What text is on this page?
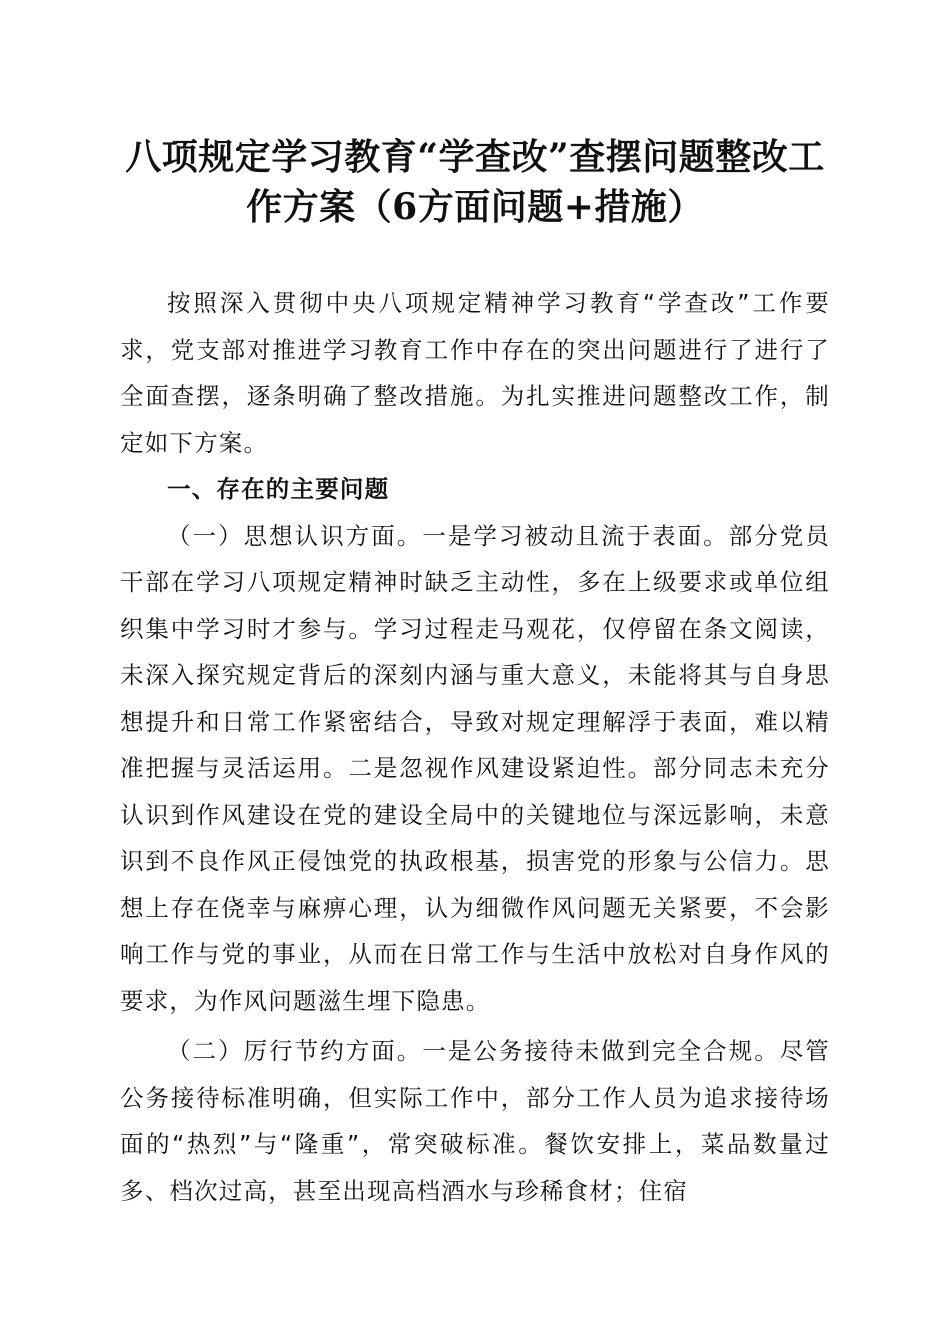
八项规定学习教育“学查改”查摆问题整改工
作方案（6方面问题+措施）

按照深入贯彻中央八项规定精神学习教育“学查改”工作要求，党支部对推进学习教育工作中存在的突出问题进行了进行了全面查摆，逐条明确了整改措施。为扎实推进问题整改工作，制定如下方案。

一、存在的主要问题

（一）思想认识方面。一是学习被动且流于表面。部分党员干部在学习八项规定精神时缺乏主动性，多在上级要求或单位组织集中学习时才参与。学习过程走马观花，仅停留在条文阅读，未深入探究规定背后的深刻内涵与重大意义，未能将其与自身思想提升和日常工作紧密结合，导致对规定理解浮于表面，难以精准把握与灵活运用。二是忽视作风建设紧迫性。部分同志未充分认识到作风建设在党的建设全局中的关键地位与深远影响，未意识到不良作风正侵蚀党的执政根基，损害党的形象与公信力。思想上存在侥幸与麻痹心理，认为细微作风问题无关紧要，不会影响工作与党的事业，从而在日常工作与生活中放松对自身作风的要求，为作风问题滋生埋下隐患。

（二）厉行节约方面。一是公务接待未做到完全合规。尽管公务接待标准明确，但实际工作中，部分工作人员为追求接待场面的“热烈”与“隆重”，常突破标准。餐饮安排上，菜品数量过多、档次过高，甚至出现高档酒水与珍稀食材；住宿
